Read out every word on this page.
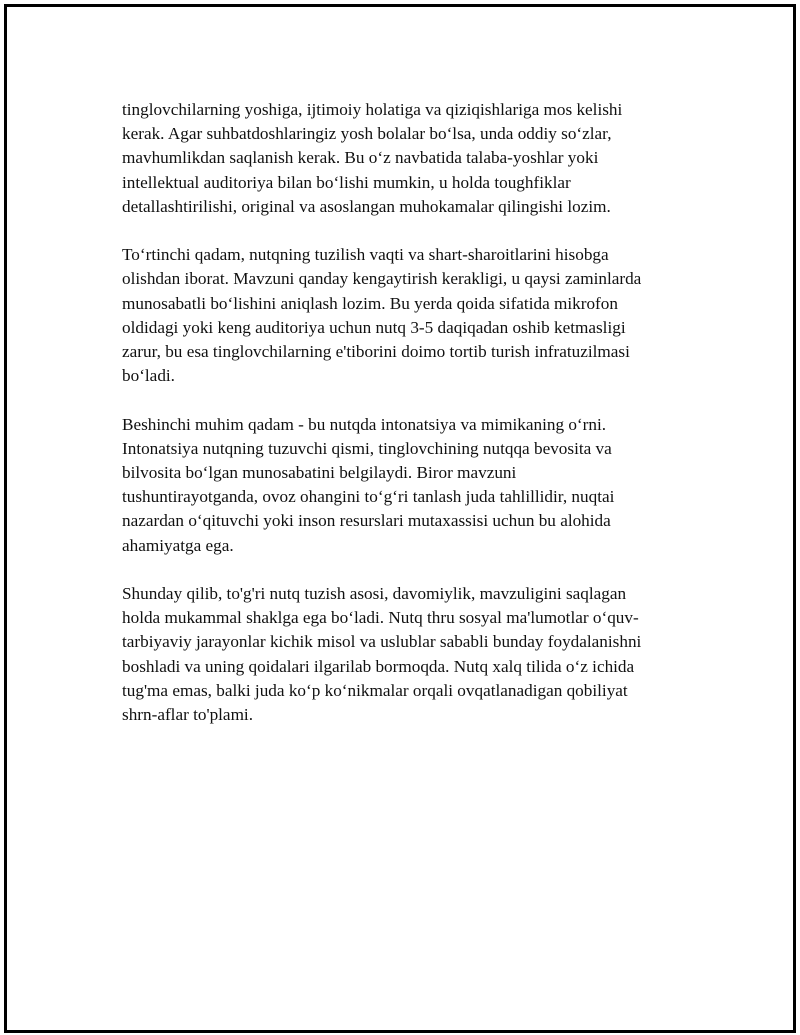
tinglovchilarning yoshiga, ijtimoiy holatiga va qiziqishlariga mos kelishi
kerak. Agar suhbatdoshlaringiz yosh bolalar bo‘lsa, unda oddiy so‘zlar,
mavhumlikdan saqlanish kerak. Bu o‘z navbatida talaba-yoshlar yoki
intellektual auditoriya bilan bo‘lishi mumkin, u holda toughfiklar
detallashtirilishi, original va asoslangan muhokamalar qilingishi lozim.

To‘rtinchi qadam, nutqning tuzilish vaqti va shart-sharoitlarini hisobga
olishdan iborat. Mavzuni qanday kengaytirish kerakligi, u qaysi zaminlarda
munosabatli bo‘lishini aniqlash lozim. Bu yerda qoida sifatida mikrofon
oldidagi yoki keng auditoriya uchun nutq 3-5 daqiqadan oshib ketmasligi
zarur, bu esa tinglovchilarning e'tiborini doimo tortib turish infratuzilmasi
bo‘ladi.

Beshinchi muhim qadam - bu nutqda intonatsiya va mimikaning o‘rni.
Intonatsiya nutqning tuzuvchi qismi, tinglovchining nutqqa bevosita va
bilvosita bo‘lgan munosabatini belgilaydi. Biror mavzuni
tushuntirayotganda, ovoz ohangini to‘g‘ri tanlash juda tahlillidir, nuqtai
nazardan o‘qituvchi yoki inson resurslari mutaxassisi uchun bu alohida
ahamiyatga ega.

Shunday qilib, to'g'ri nutq tuzish asosi, davomiylik, mavzuligini saqlagan
holda mukammal shaklga ega bo‘ladi. Nutq thru sosyal ma'lumotlar o‘quv-
tarbiyaviy jarayonlar kichik misol va uslublar sababli bunday foydalanishni
boshladi va uning qoidalari ilgarilab bormoqda. Nutq xalq tilida o‘z ichida
tug'ma emas, balki juda ko‘p ko‘nikmalar orqali ovqatlanadigan qobiliyat
shrn-aflar to'plami.
